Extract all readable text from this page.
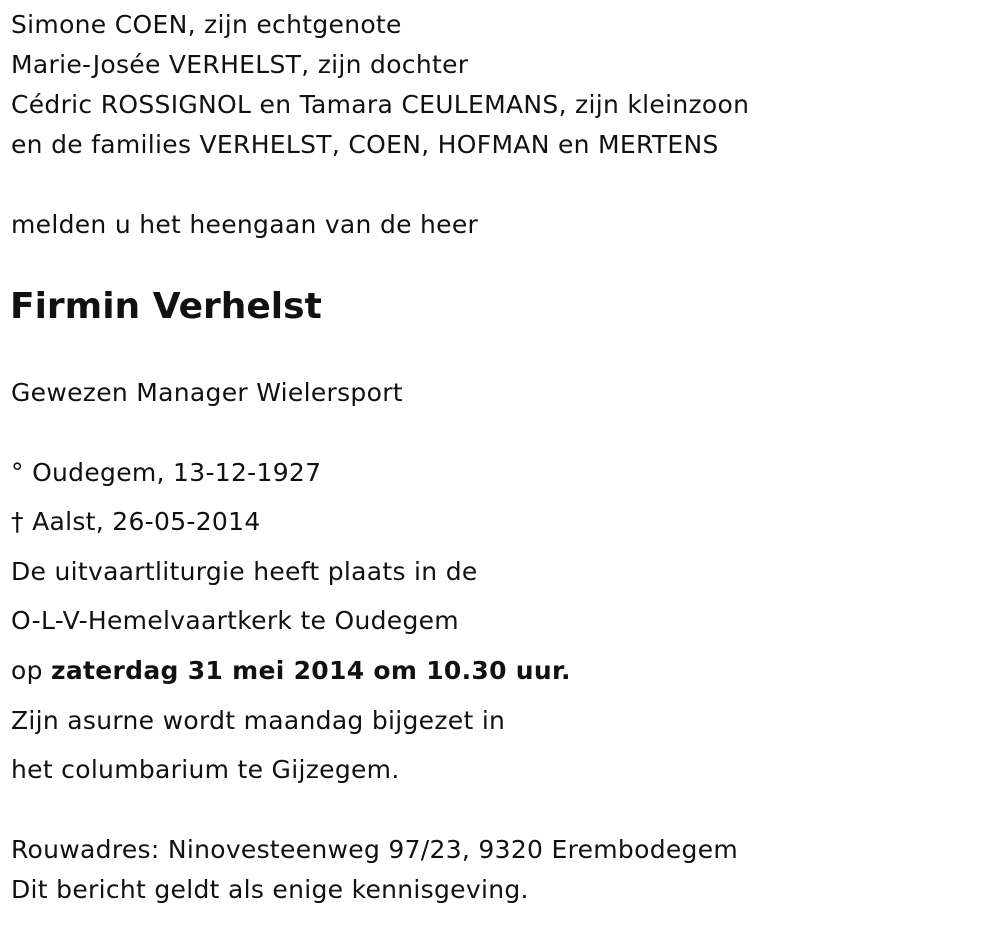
Simone COEN, zijn echtgenote
Marie-Josée VERHELST, zijn dochter
Cédric ROSSIGNOL en Tamara CEULEMANS, zijn kleinzoon
en de families VERHELST, COEN, HOFMAN en MERTENS
melden u het heengaan van de heer
Firmin Verhelst
Gewezen Manager Wielersport
° Oudegem, 13-12-1927
† Aalst, 26-05-2014
De uitvaartliturgie heeft plaats in de
O-L-V-Hemelvaartkerk te Oudegem
op zaterdag 31 mei 2014 om 10.30 uur.
Zijn asurne wordt maandag bijgezet in
het columbarium te Gijzegem.
Rouwadres: Ninovesteenweg 97/23, 9320 Erembodegem
Dit bericht geldt als enige kennisgeving.
